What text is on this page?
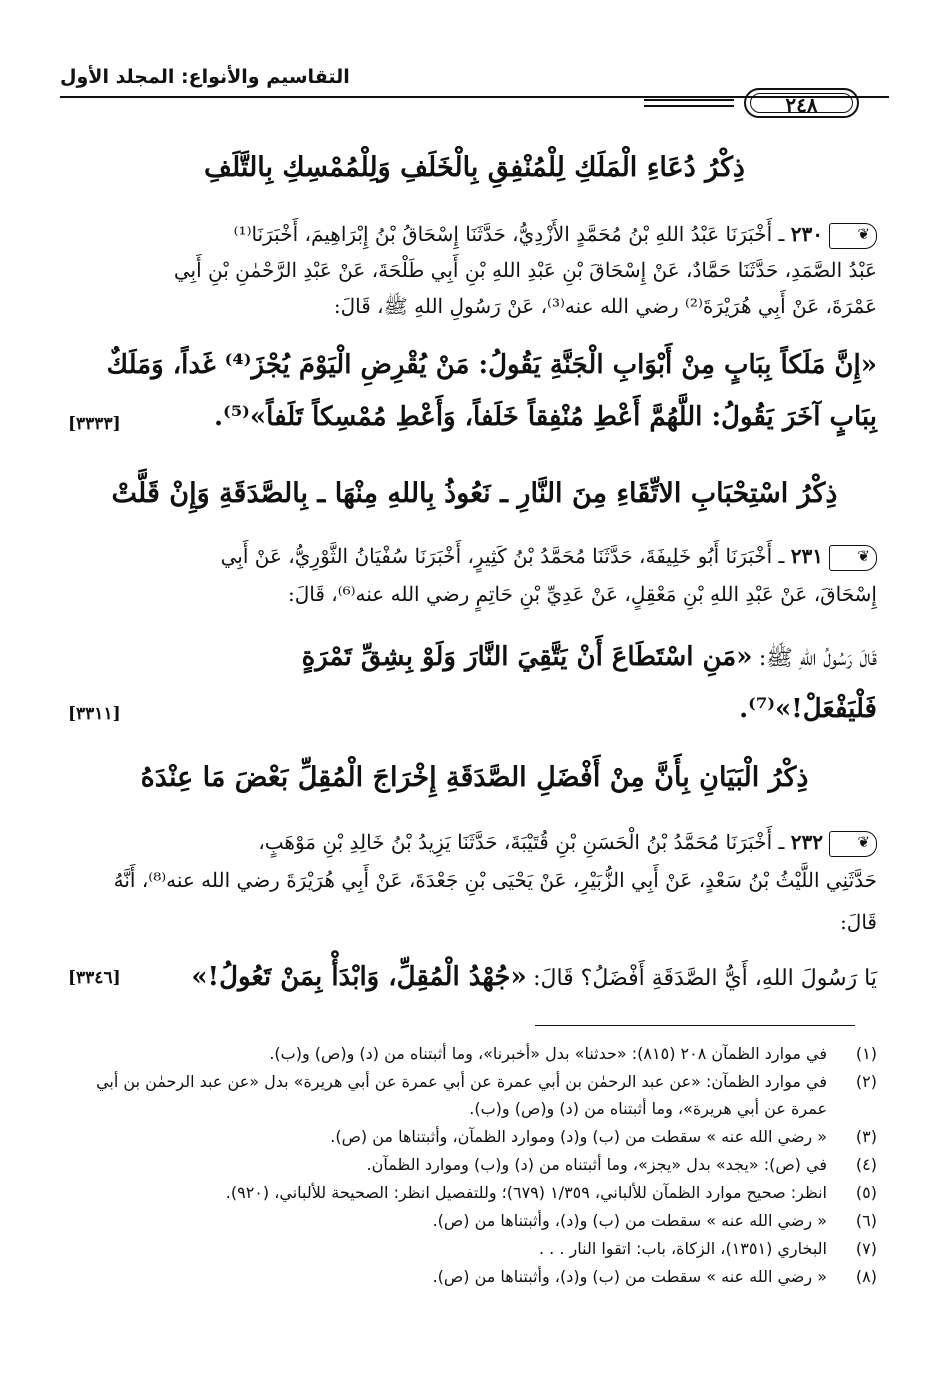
التقاسيم والأنواع: المجلد الأول
٢٤٨
ذِكْرُ دُعَاءِ الْمَلَكِ لِلْمُنْفِقِ بِالْخَلَفِ وَلِلْمُمْسِكِ بِالتَّلَفِ
❦٢٣٠ ـ أَخْبَرَنَا عَبْدُ اللهِ بْنُ مُحَمَّدٍ الأَزْدِيُّ، حَدَّثَنَا إِسْحَاقُ بْنُ إِبْرَاهِيمَ، أَخْبَرَنَا⁽¹⁾
عَبْدُ الصَّمَدِ، حَدَّثَنَا حَمَّادٌ، عَنْ إِسْحَاقَ بْنِ عَبْدِ اللهِ بْنِ أَبِي طَلْحَةَ، عَنْ عَبْدِ الرَّحْمٰنِ بْنِ أَبِي
عَمْرَةَ، عَنْ أَبِي هُرَيْرَةَ⁽²⁾ رضي الله عنه⁽³⁾، عَنْ رَسُولِ اللهِ ﷺ، قَالَ:
«إِنَّ مَلَكاً بِبَابٍ مِنْ أَبْوَابِ الْجَنَّةِ يَقُولُ: مَنْ يُقْرِضِ الْيَوْمَ يُجْزَ⁽⁴⁾ غَداً، وَمَلَكٌ
بِبَابٍ آخَرَ يَقُولُ: اللَّهُمَّ أَعْطِ مُنْفِقاً خَلَفاً، وَأَعْطِ مُمْسِكاً تَلَفاً»⁽⁵⁾.
[٣٣٣٣]
ذِكْرُ اسْتِحْبَابِ الاتِّقَاءِ مِنَ النَّارِ ـ نَعُوذُ بِاللهِ مِنْهَا ـ بِالصَّدَقَةِ وَإِنْ قَلَّتْ
❦٢٣١ ـ أَخْبَرَنَا أَبُو خَلِيفَةَ، حَدَّثَنَا مُحَمَّدُ بْنُ كَثِيرٍ، أَخْبَرَنَا سُفْيَانُ الثَّوْرِيُّ، عَنْ أَبِي
إِسْحَاقَ، عَنْ عَبْدِ اللهِ بْنِ مَعْقِلٍ، عَنْ عَدِيِّ بْنِ حَاتِمٍ رضي الله عنه⁽⁶⁾، قَالَ:
قَالَ رَسُولُ اللهِ ﷺ: «مَنِ اسْتَطَاعَ أَنْ يَتَّقِيَ النَّارَ وَلَوْ بِشِقِّ تَمْرَةٍ
فَلْيَفْعَلْ!»⁽⁷⁾.
[٣٣١١]
ذِكْرُ الْبَيَانِ بِأَنَّ مِنْ أَفْضَلِ الصَّدَقَةِ إِخْرَاجَ الْمُقِلِّ بَعْضَ مَا عِنْدَهُ
❦٢٣٢ ـ أَخْبَرَنَا مُحَمَّدُ بْنُ الْحَسَنِ بْنِ قُتَيْبَةَ، حَدَّثَنَا يَزِيدُ بْنُ خَالِدِ بْنِ مَوْهَبٍ،
حَدَّثَنِي اللَّيْثُ بْنُ سَعْدٍ، عَنْ أَبِي الزُّبَيْرِ، عَنْ يَحْيَى بْنِ جَعْدَةَ، عَنْ أَبِي هُرَيْرَةَ رضي الله عنه⁽⁸⁾، أَنَّهُ
قَالَ:
يَا رَسُولَ اللهِ، أَيُّ الصَّدَقَةِ أَفْضَلُ؟ قَالَ: «جُهْدُ الْمُقِلِّ، وَابْدَأْ بِمَنْ تَعُولُ!»
[٣٣٤٦]
(١)
في موارد الظمآن ٢٠٨ (٨١٥): «حدثنا» بدل «أخبرنا»، وما أثبتناه من (د) و(ص) و(ب).
(٢)
في موارد الظمآن: «عن عبد الرحمٰن بن أبي عمرة عن أبي عمرة عن أبي هريرة» بدل «عن عبد الرحمٰن بن أبي عمرة عن أبي هريرة»، وما أثبتناه من (د) و(ص) و(ب).
(٣)
« رضي الله عنه » سقطت من (ب) و(د) وموارد الظمآن، وأثبتناها من (ص).
(٤)
في (ص): «يجد» بدل «يجز»، وما أثبتناه من (د) و(ب) وموارد الظمآن.
(٥)
انظر: صحيح موارد الظمآن للألباني، ١/٣٥٩ (٦٧٩)؛ وللتفصيل انظر: الصحيحة للألباني، (٩٢٠).
(٦)
« رضي الله عنه » سقطت من (ب) و(د)، وأثبتناها من (ص).
(٧)
البخاري (١٣٥١)، الزكاة، باب: اتقوا النار . . .
(٨)
« رضي الله عنه » سقطت من (ب) و(د)، وأثبتناها من (ص).
